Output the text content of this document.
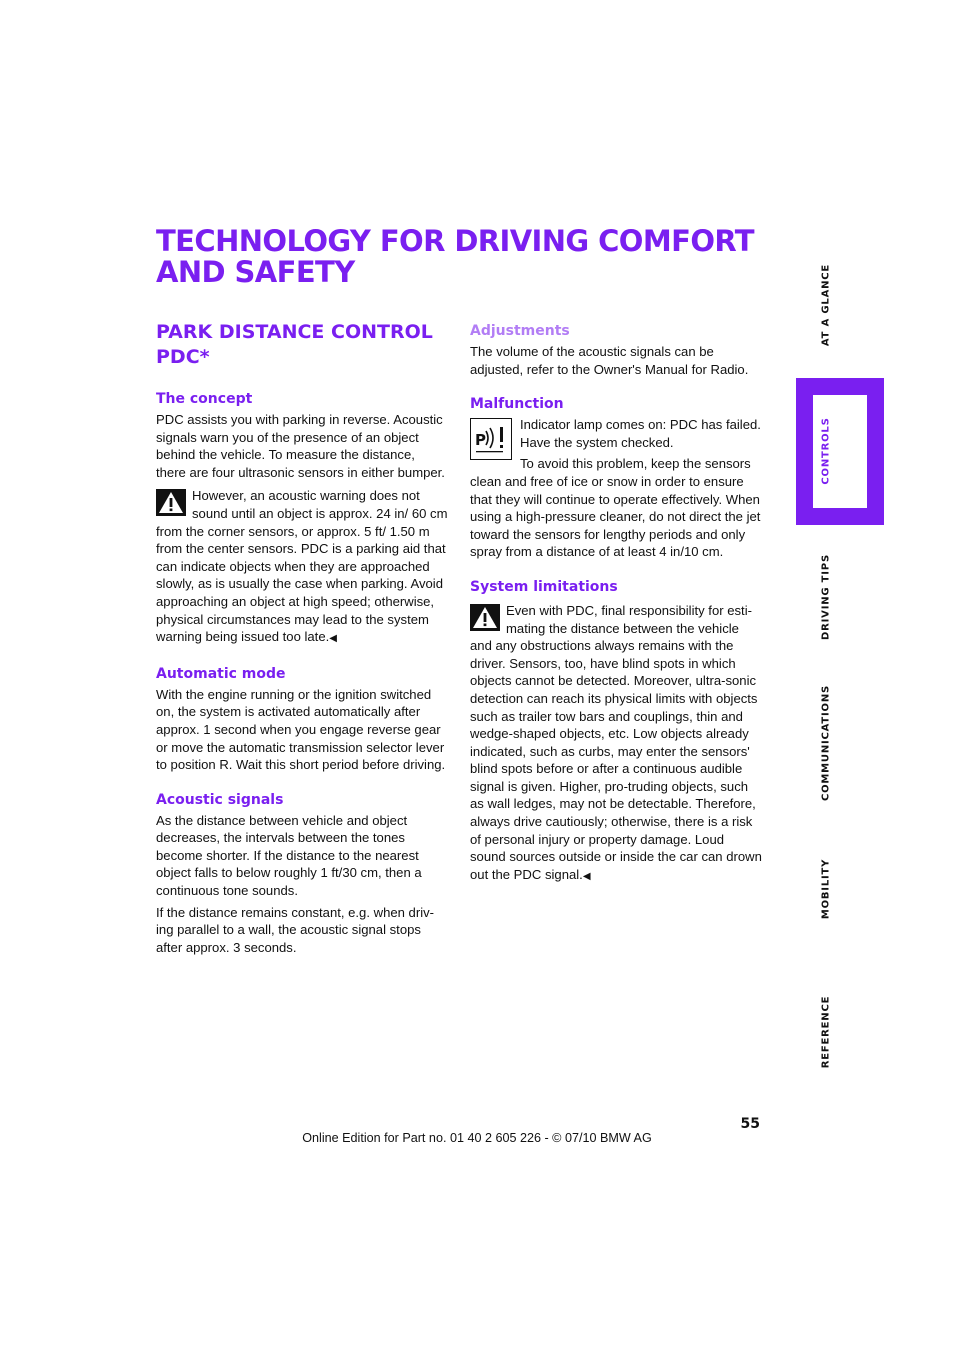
TECHNOLOGY FOR DRIVING COMFORT AND SAFETY
PARK DISTANCE CONTROL PDC*
The concept

PDC assists you with parking in reverse. Acoustic signals warn you of the presence of an object behind the vehicle. To measure the distance, there are four ultrasonic sensors in either bumper.

However, an acoustic warning does not sound until an object is approx. 24 in/ 60 cm from the corner sensors, or approx. 5 ft/ 1.50 m from the center sensors. PDC is a parking aid that can indicate objects when they are approached slowly, as is usually the case when parking. Avoid approaching an object at high speed; otherwise, physical circumstances may lead to the system warning being issued too late.◀
Automatic mode

With the engine running or the ignition switched on, the system is activated automatically after approx. 1 second when you engage reverse gear or move the automatic transmission selector lever to position R. Wait this short period before driving.

Acoustic signals

As the distance between vehicle and object decreases, the intervals between the tones become shorter. If the distance to the nearest object falls to below roughly 1 ft/30 cm, then a continuous tone sounds.

If the distance remains constant, e.g. when driv-ing parallel to a wall, the acoustic signal stops after approx. 3 seconds.

Adjustments

The volume of the acoustic signals can be adjusted, refer to the Owner's Manual for Radio.

Malfunction
P

Indicator lamp comes on: PDC has failed. Have the system checked.

To avoid this problem, keep the sensors clean and free of ice or snow in order to ensure that they will continue to operate effectively. When using a high-pressure cleaner, do not direct the jet toward the sensors for lengthy periods and only spray from a distance of at least 4 in/10 cm.

System limitations
Even with PDC, final responsibility for esti-mating the distance between the vehicle and any obstructions always remains with the driver. Sensors, too, have blind spots in which objects cannot be detected. Moreover, ultra-sonic detection can reach its physical limits with objects such as trailer tow bars and couplings, thin and wedge-shaped objects, etc. Low objects already indicated, such as curbs, may enter the sensors' blind spots before or after a continuous audible signal is given. Higher, pro-truding objects, such as wall ledges, may not be detectable. Therefore, always drive cautiously; otherwise, there is a risk of personal injury or property damage. Loud sound sources outside or inside the car can drown out the PDC signal.◀
AT A GLANCE
CONTROLS
DRIVING TIPS
COMMUNICATIONS
MOBILITY
REFERENCE
55
Online Edition for Part no. 01 40 2 605 226 - © 07/10 BMW AG
